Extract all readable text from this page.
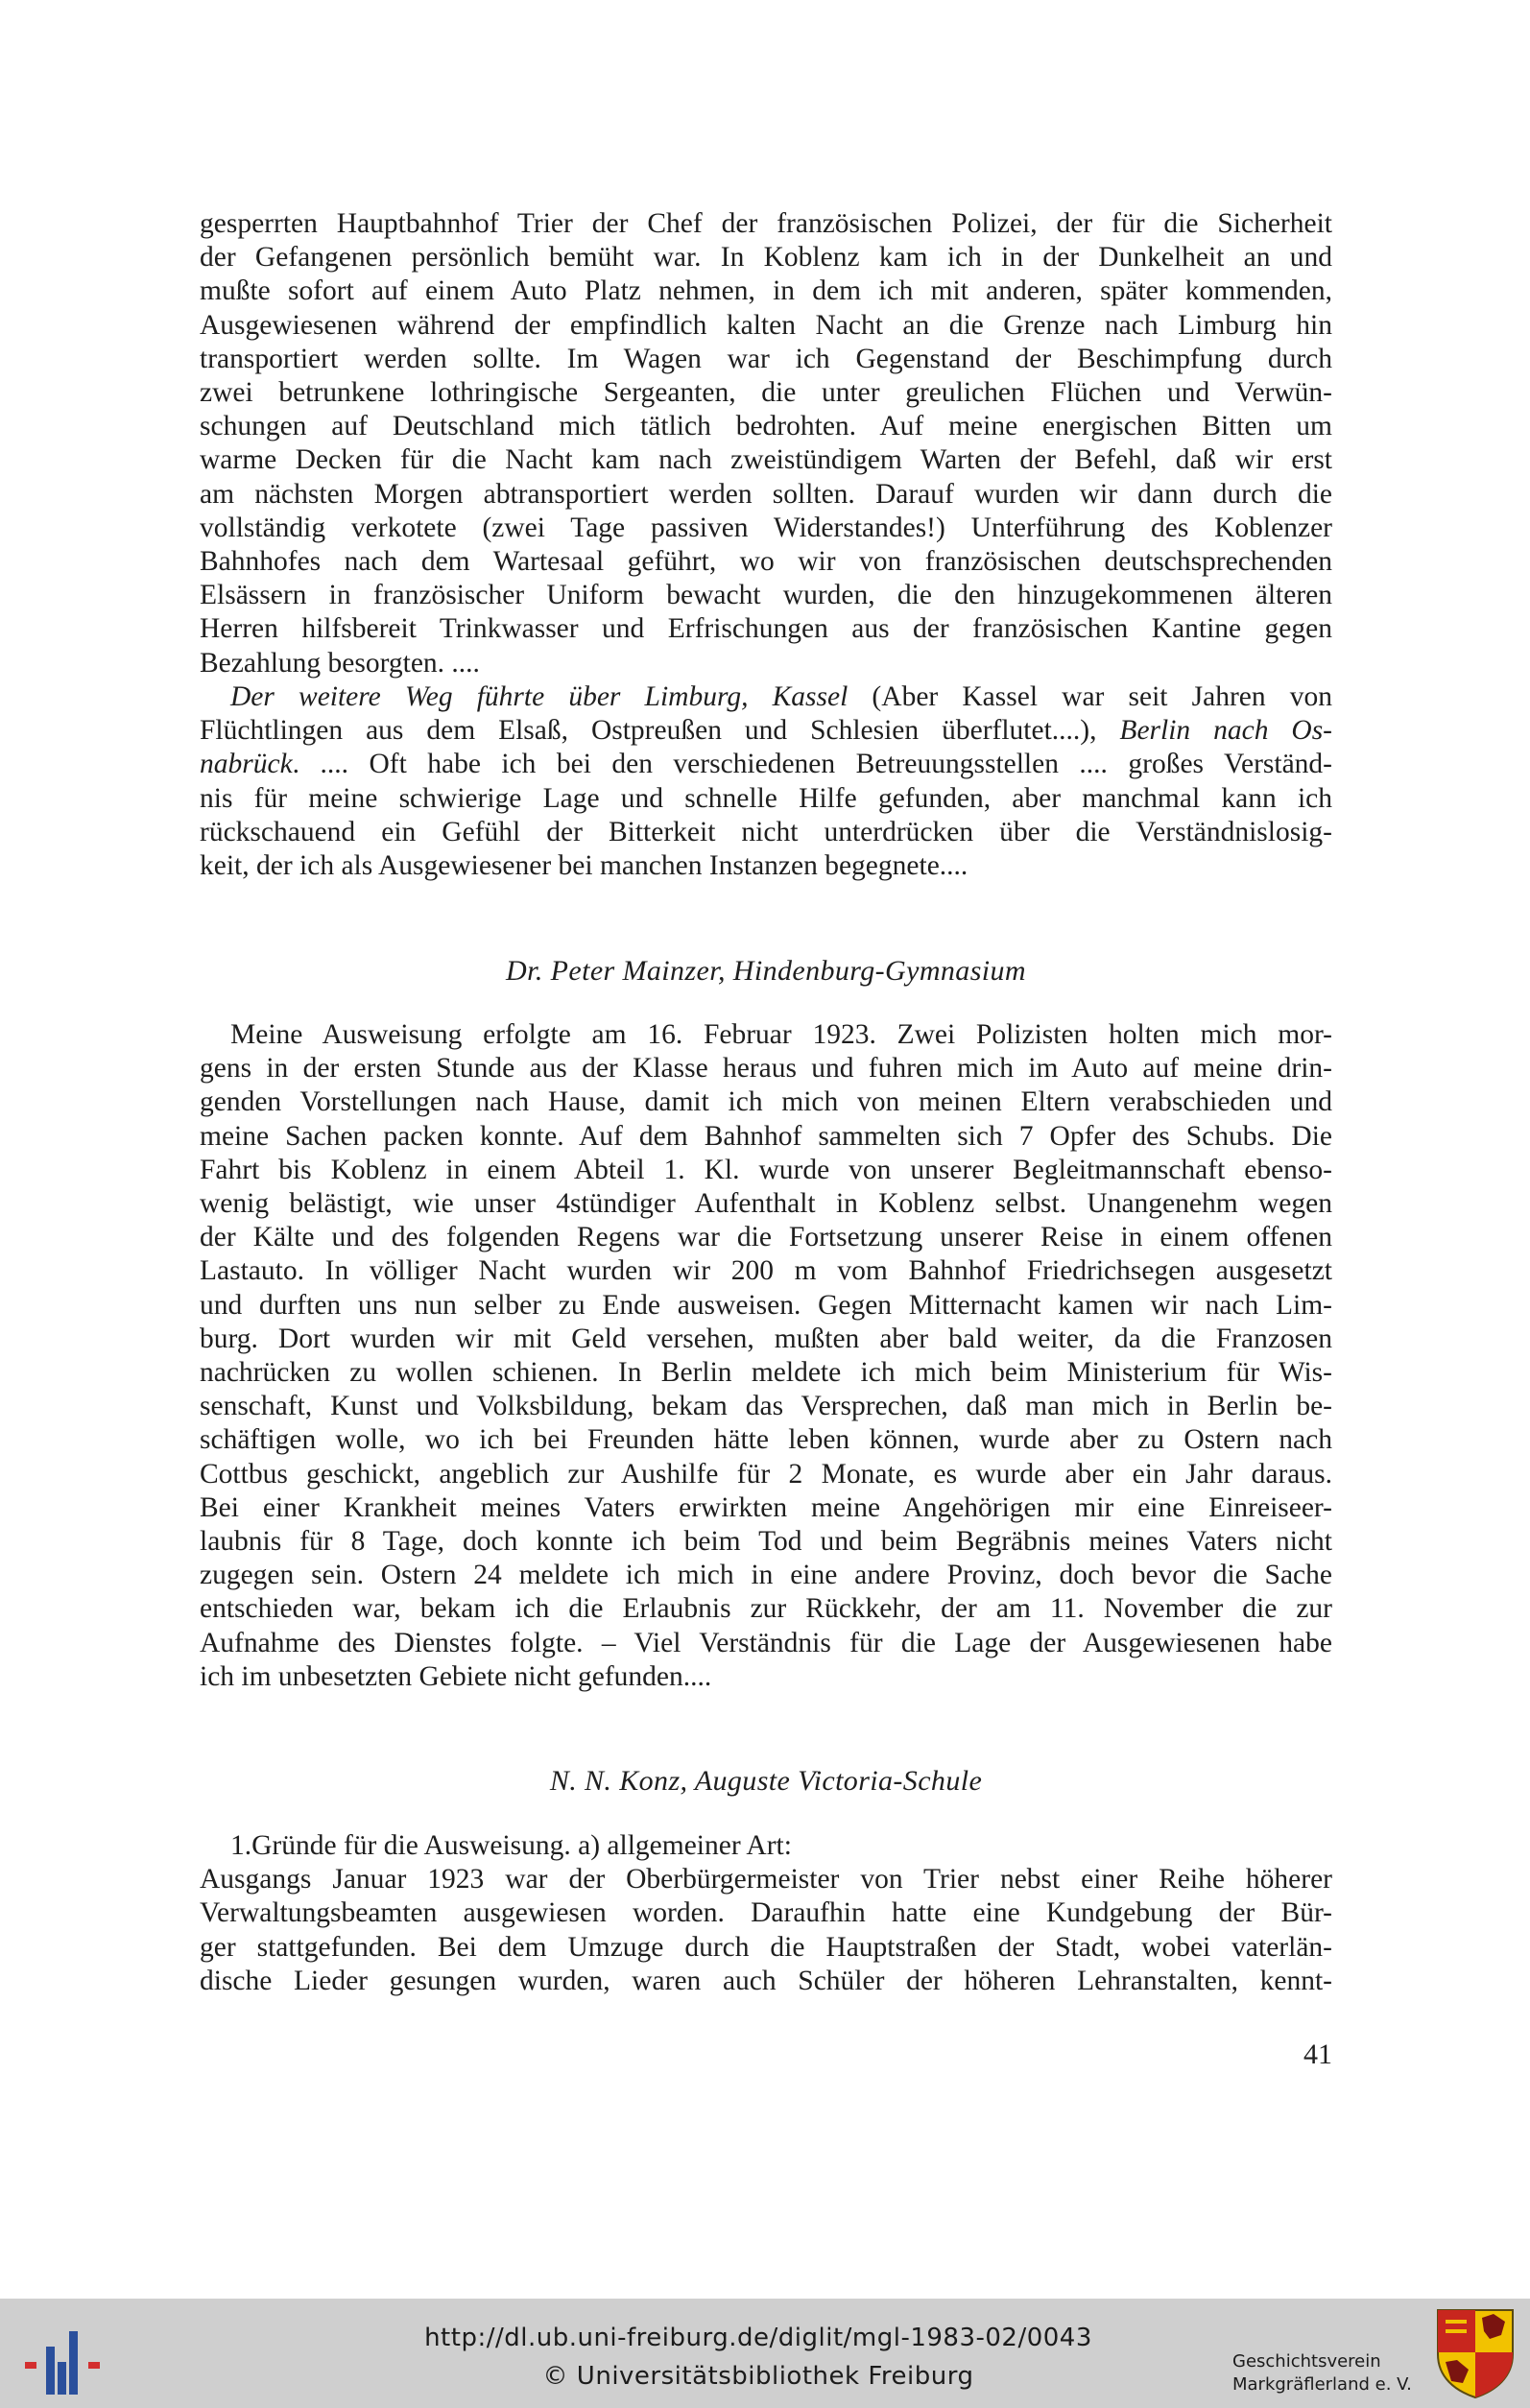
gesperrten Hauptbahnhof Trier der Chef der französischen Polizei, der für die Sicherheit
der Gefangenen persönlich bemüht war. In Koblenz kam ich in der Dunkelheit an und
mußte sofort auf einem Auto Platz nehmen, in dem ich mit anderen, später kommenden,
Ausgewiesenen während der empfindlich kalten Nacht an die Grenze nach Limburg hin
transportiert werden sollte. Im Wagen war ich Gegenstand der Beschimpfung durch
zwei betrunkene lothringische Sergeanten, die unter greulichen Flüchen und Verwün-
schungen auf Deutschland mich tätlich bedrohten. Auf meine energischen Bitten um
warme Decken für die Nacht kam nach zweistündigem Warten der Befehl, daß wir erst
am nächsten Morgen abtransportiert werden sollten. Darauf wurden wir dann durch die
vollständig verkotete (zwei Tage passiven Widerstandes!) Unterführung des Koblenzer
Bahnhofes nach dem Wartesaal geführt, wo wir von französischen deutschsprechenden
Elsässern in französischer Uniform bewacht wurden, die den hinzugekommenen älteren
Herren hilfsbereit Trinkwasser und Erfrischungen aus der französischen Kantine gegen
Bezahlung besorgten. ....

Der weitere Weg führte über Limburg, Kassel (Aber Kassel war seit Jahren von
Flüchtlingen aus dem Elsaß, Ostpreußen und Schlesien überflutet....), Berlin nach Os-
nabrück. .... Oft habe ich bei den verschiedenen Betreuungsstellen .... großes Verständ-
nis für meine schwierige Lage und schnelle Hilfe gefunden, aber manchmal kann ich
rückschauend ein Gefühl der Bitterkeit nicht unterdrücken über die Verständnislosig-
keit, der ich als Ausgewiesener bei manchen Instanzen begegnete....

Dr. Peter Mainzer, Hindenburg-Gymnasium

Meine Ausweisung erfolgte am 16. Februar 1923. Zwei Polizisten holten mich mor-
gens in der ersten Stunde aus der Klasse heraus und fuhren mich im Auto auf meine drin-
genden Vorstellungen nach Hause, damit ich mich von meinen Eltern verabschieden und
meine Sachen packen konnte. Auf dem Bahnhof sammelten sich 7 Opfer des Schubs. Die
Fahrt bis Koblenz in einem Abteil 1. Kl. wurde von unserer Begleitmannschaft ebenso-
wenig belästigt, wie unser 4stündiger Aufenthalt in Koblenz selbst. Unangenehm wegen
der Kälte und des folgenden Regens war die Fortsetzung unserer Reise in einem offenen
Lastauto. In völliger Nacht wurden wir 200 m vom Bahnhof Friedrichsegen ausgesetzt
und durften uns nun selber zu Ende ausweisen. Gegen Mitternacht kamen wir nach Lim-
burg. Dort wurden wir mit Geld versehen, mußten aber bald weiter, da die Franzosen
nachrücken zu wollen schienen. In Berlin meldete ich mich beim Ministerium für Wis-
senschaft, Kunst und Volksbildung, bekam das Versprechen, daß man mich in Berlin be-
schäftigen wolle, wo ich bei Freunden hätte leben können, wurde aber zu Ostern nach
Cottbus geschickt, angeblich zur Aushilfe für 2 Monate, es wurde aber ein Jahr daraus.
Bei einer Krankheit meines Vaters erwirkten meine Angehörigen mir eine Einreiseer-
laubnis für 8 Tage, doch konnte ich beim Tod und beim Begräbnis meines Vaters nicht
zugegen sein. Ostern 24 meldete ich mich in eine andere Provinz, doch bevor die Sache
entschieden war, bekam ich die Erlaubnis zur Rückkehr, der am 11. November die zur
Aufnahme des Dienstes folgte. – Viel Verständnis für die Lage der Ausgewiesenen habe
ich im unbesetzten Gebiete nicht gefunden....

N. N. Konz, Auguste Victoria-Schule

1.Gründe für die Ausweisung. a) allgemeiner Art:
Ausgangs Januar 1923 war der Oberbürgermeister von Trier nebst einer Reihe höherer
Verwaltungsbeamten ausgewiesen worden. Daraufhin hatte eine Kundgebung der Bür-
ger stattgefunden. Bei dem Umzuge durch die Hauptstraßen der Stadt, wobei vaterlän-
dische Lieder gesungen wurden, waren auch Schüler der höheren Lehranstalten, kennt-

41
http://dl.ub.uni-freiburg.de/diglit/mgl-1983-02/0043
© Universitätsbibliothek Freiburg
Geschichtsverein
Markgräflerland e. V.
